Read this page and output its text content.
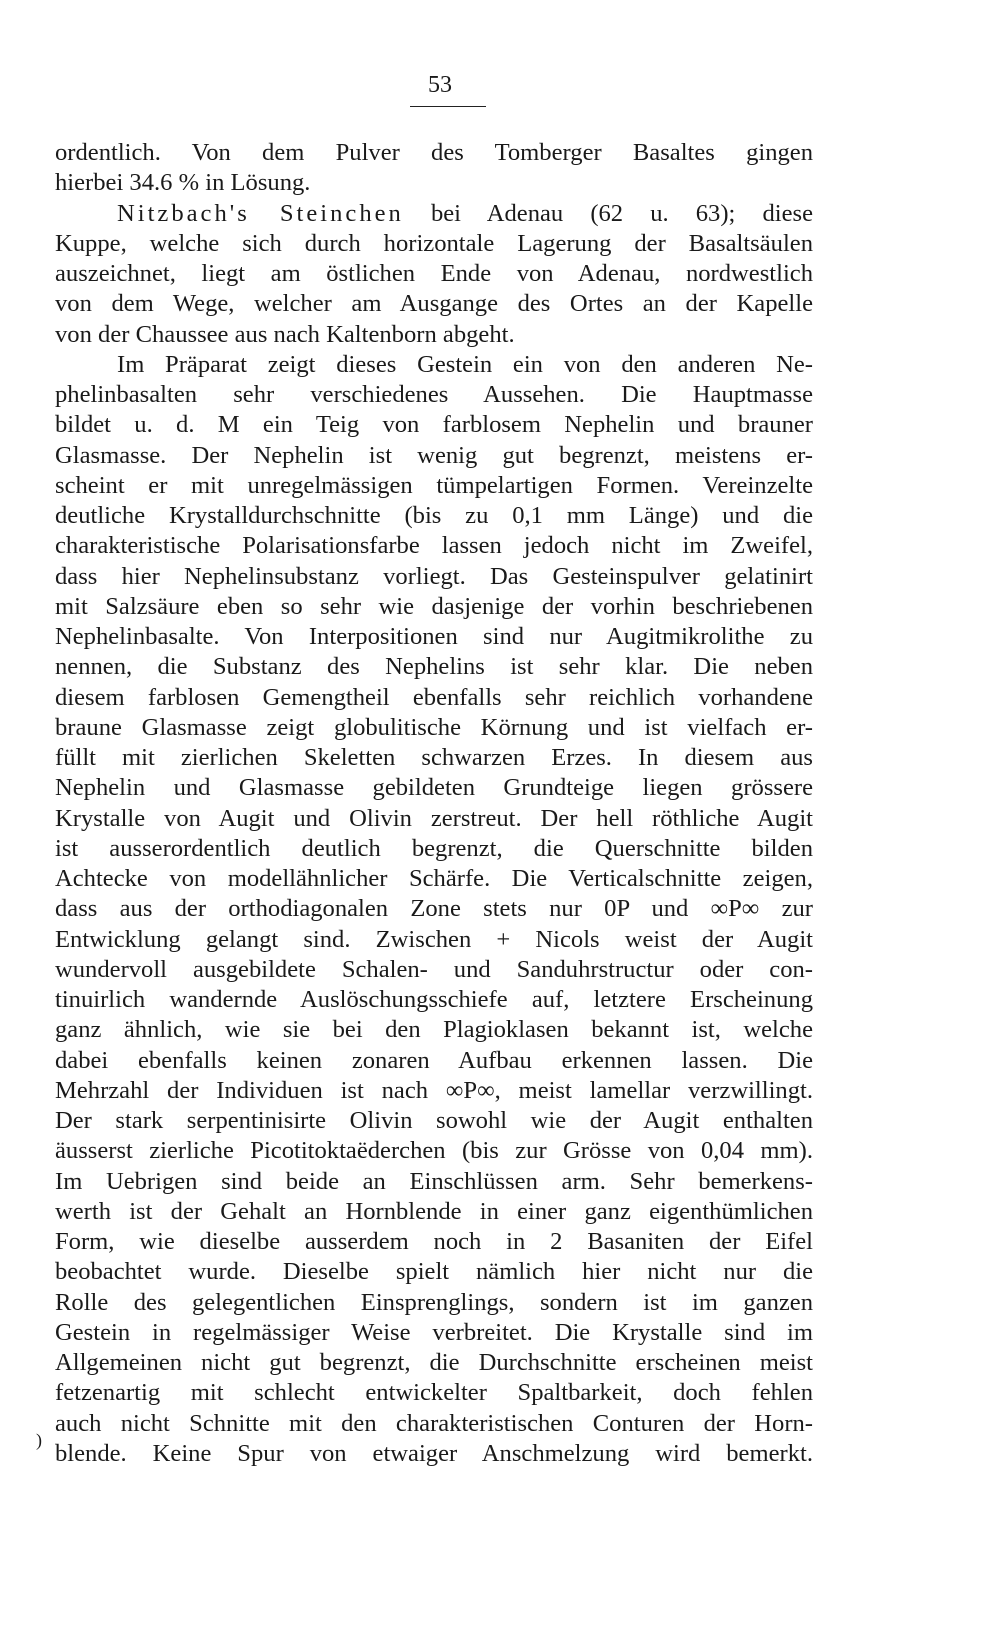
53
)
ordentlich. Von dem Pulver des Tomberger Basaltes gingen
hierbei 34.6 % in Lösung.
Nitzbach's Steinchen bei Adenau (62 u. 63); diese
Kuppe, welche sich durch horizontale Lagerung der Basaltsäulen
auszeichnet, liegt am östlichen Ende von Adenau, nordwestlich
von dem Wege, welcher am Ausgange des Ortes an der Kapelle
von der Chaussee aus nach Kaltenborn abgeht.
Im Präparat zeigt dieses Gestein ein von den anderen Ne-
phelinbasalten sehr verschiedenes Aussehen. Die Hauptmasse
bildet u. d. M ein Teig von farblosem Nephelin und brauner
Glasmasse. Der Nephelin ist wenig gut begrenzt, meistens er-
scheint er mit unregelmässigen tümpelartigen Formen. Vereinzelte
deutliche Krystalldurchschnitte (bis zu 0,1 mm Länge) und die
charakteristische Polarisationsfarbe lassen jedoch nicht im Zweifel,
dass hier Nephelinsubstanz vorliegt. Das Gesteinspulver gelatinirt
mit Salzsäure eben so sehr wie dasjenige der vorhin beschriebenen
Nephelinbasalte. Von Interpositionen sind nur Augitmikrolithe zu
nennen, die Substanz des Nephelins ist sehr klar. Die neben
diesem farblosen Gemengtheil ebenfalls sehr reichlich vorhandene
braune Glasmasse zeigt globulitische Körnung und ist vielfach er-
füllt mit zierlichen Skeletten schwarzen Erzes. In diesem aus
Nephelin und Glasmasse gebildeten Grundteige liegen grössere
Krystalle von Augit und Olivin zerstreut. Der hell röthliche Augit
ist ausserordentlich deutlich begrenzt, die Querschnitte bilden
Achtecke von modellähnlicher Schärfe. Die Verticalschnitte zeigen,
dass aus der orthodiagonalen Zone stets nur 0P und ∞P∞ zur
Entwicklung gelangt sind. Zwischen + Nicols weist der Augit
wundervoll ausgebildete Schalen- und Sanduhrstructur oder con-
tinuirlich wandernde Auslöschungsschiefe auf, letztere Erscheinung
ganz ähnlich, wie sie bei den Plagioklasen bekannt ist, welche
dabei ebenfalls keinen zonaren Aufbau erkennen lassen. Die
Mehrzahl der Individuen ist nach ∞P∞, meist lamellar verzwillingt.
Der stark serpentinisirte Olivin sowohl wie der Augit enthalten
äusserst zierliche Picotitoktaëderchen (bis zur Grösse von 0,04 mm).
Im Uebrigen sind beide an Einschlüssen arm. Sehr bemerkens-
werth ist der Gehalt an Hornblende in einer ganz eigenthümlichen
Form, wie dieselbe ausserdem noch in 2 Basaniten der Eifel
beobachtet wurde. Dieselbe spielt nämlich hier nicht nur die
Rolle des gelegentlichen Einsprenglings, sondern ist im ganzen
Gestein in regelmässiger Weise verbreitet. Die Krystalle sind im
Allgemeinen nicht gut begrenzt, die Durchschnitte erscheinen meist
fetzenartig mit schlecht entwickelter Spaltbarkeit, doch fehlen
auch nicht Schnitte mit den charakteristischen Conturen der Horn-
blende. Keine Spur von etwaiger Anschmelzung wird bemerkt.
